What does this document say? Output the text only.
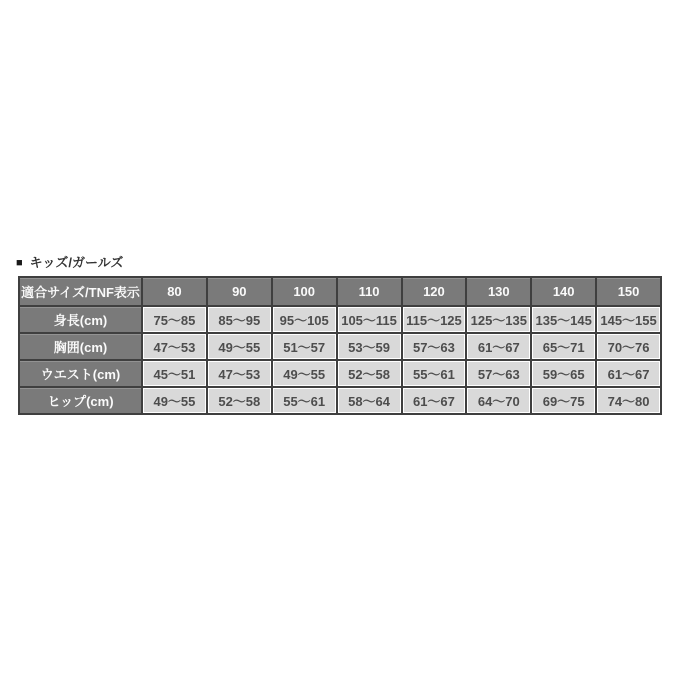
■ キッズ/ガールズ
適合サイズ/TNF表示	80	90	100	110	120	130	140	150
身長(cm)	75〜85	85〜95	95〜105	105〜115	115〜125	125〜135	135〜145	145〜155
胸囲(cm)	47〜53	49〜55	51〜57	53〜59	57〜63	61〜67	65〜71	70〜76
ウエスト(cm)	45〜51	47〜53	49〜55	52〜58	55〜61	57〜63	59〜65	61〜67
ヒップ(cm)	49〜55	52〜58	55〜61	58〜64	61〜67	64〜70	69〜75	74〜80
